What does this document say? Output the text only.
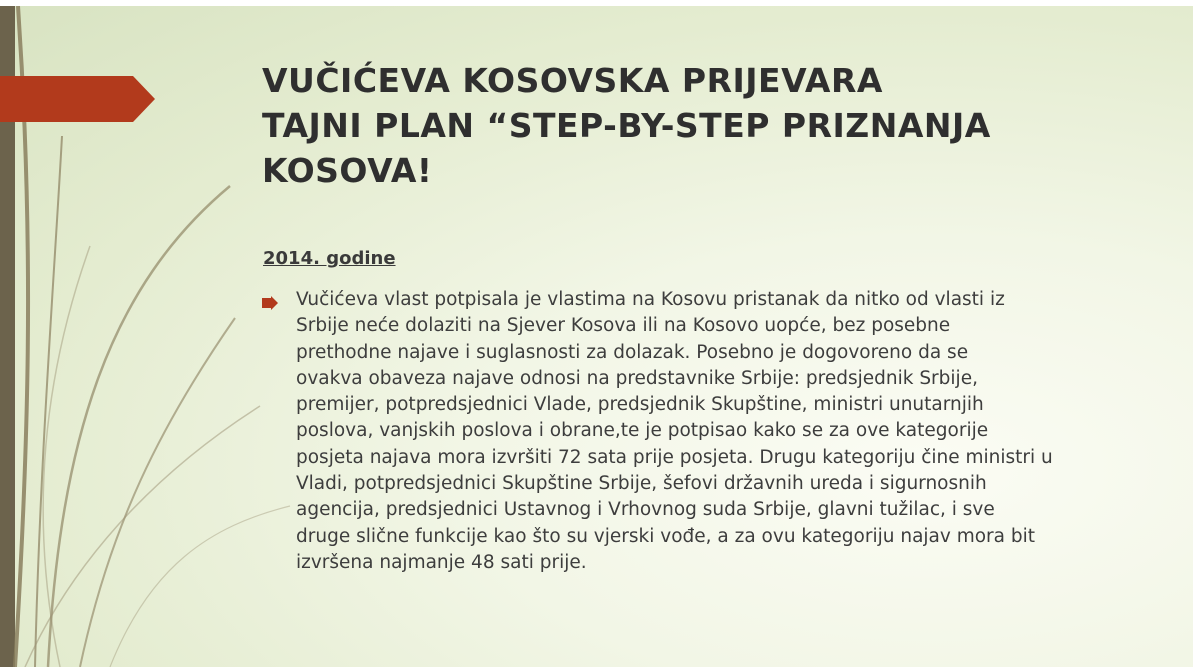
VUČIĆEVA KOSOVSKA PRIJEVARA
TAJNI PLAN “STEP-BY-STEP PRIZNANJA
KOSOVA!
2014. godine

Vučićeva vlast potpisala je vlastima na Kosovu pristanak da nitko od vlasti iz
Srbije neće dolaziti na Sjever Kosova ili na Kosovo uopće, bez posebne
prethodne najave i suglasnosti za dolazak. Posebno je dogovoreno da se
ovakva obaveza najave odnosi na predstavnike Srbije: predsjednik Srbije,
premijer, potpredsjednici Vlade, predsjednik Skupštine, ministri unutarnjih
poslova, vanjskih poslova i obrane,te je potpisao kako se za ove kategorije
posjeta najava mora izvršiti 72 sata prije posjeta. Drugu kategoriju čine ministri u
Vladi, potpredsjednici Skupštine Srbije, šefovi državnih ureda i sigurnosnih
agencija, predsjednici Ustavnog i Vrhovnog suda Srbije, glavni tužilac, i sve
druge slične funkcije kao što su vjerski vođe, a za ovu kategoriju najav mora bit
izvršena najmanje 48 sati prije.
